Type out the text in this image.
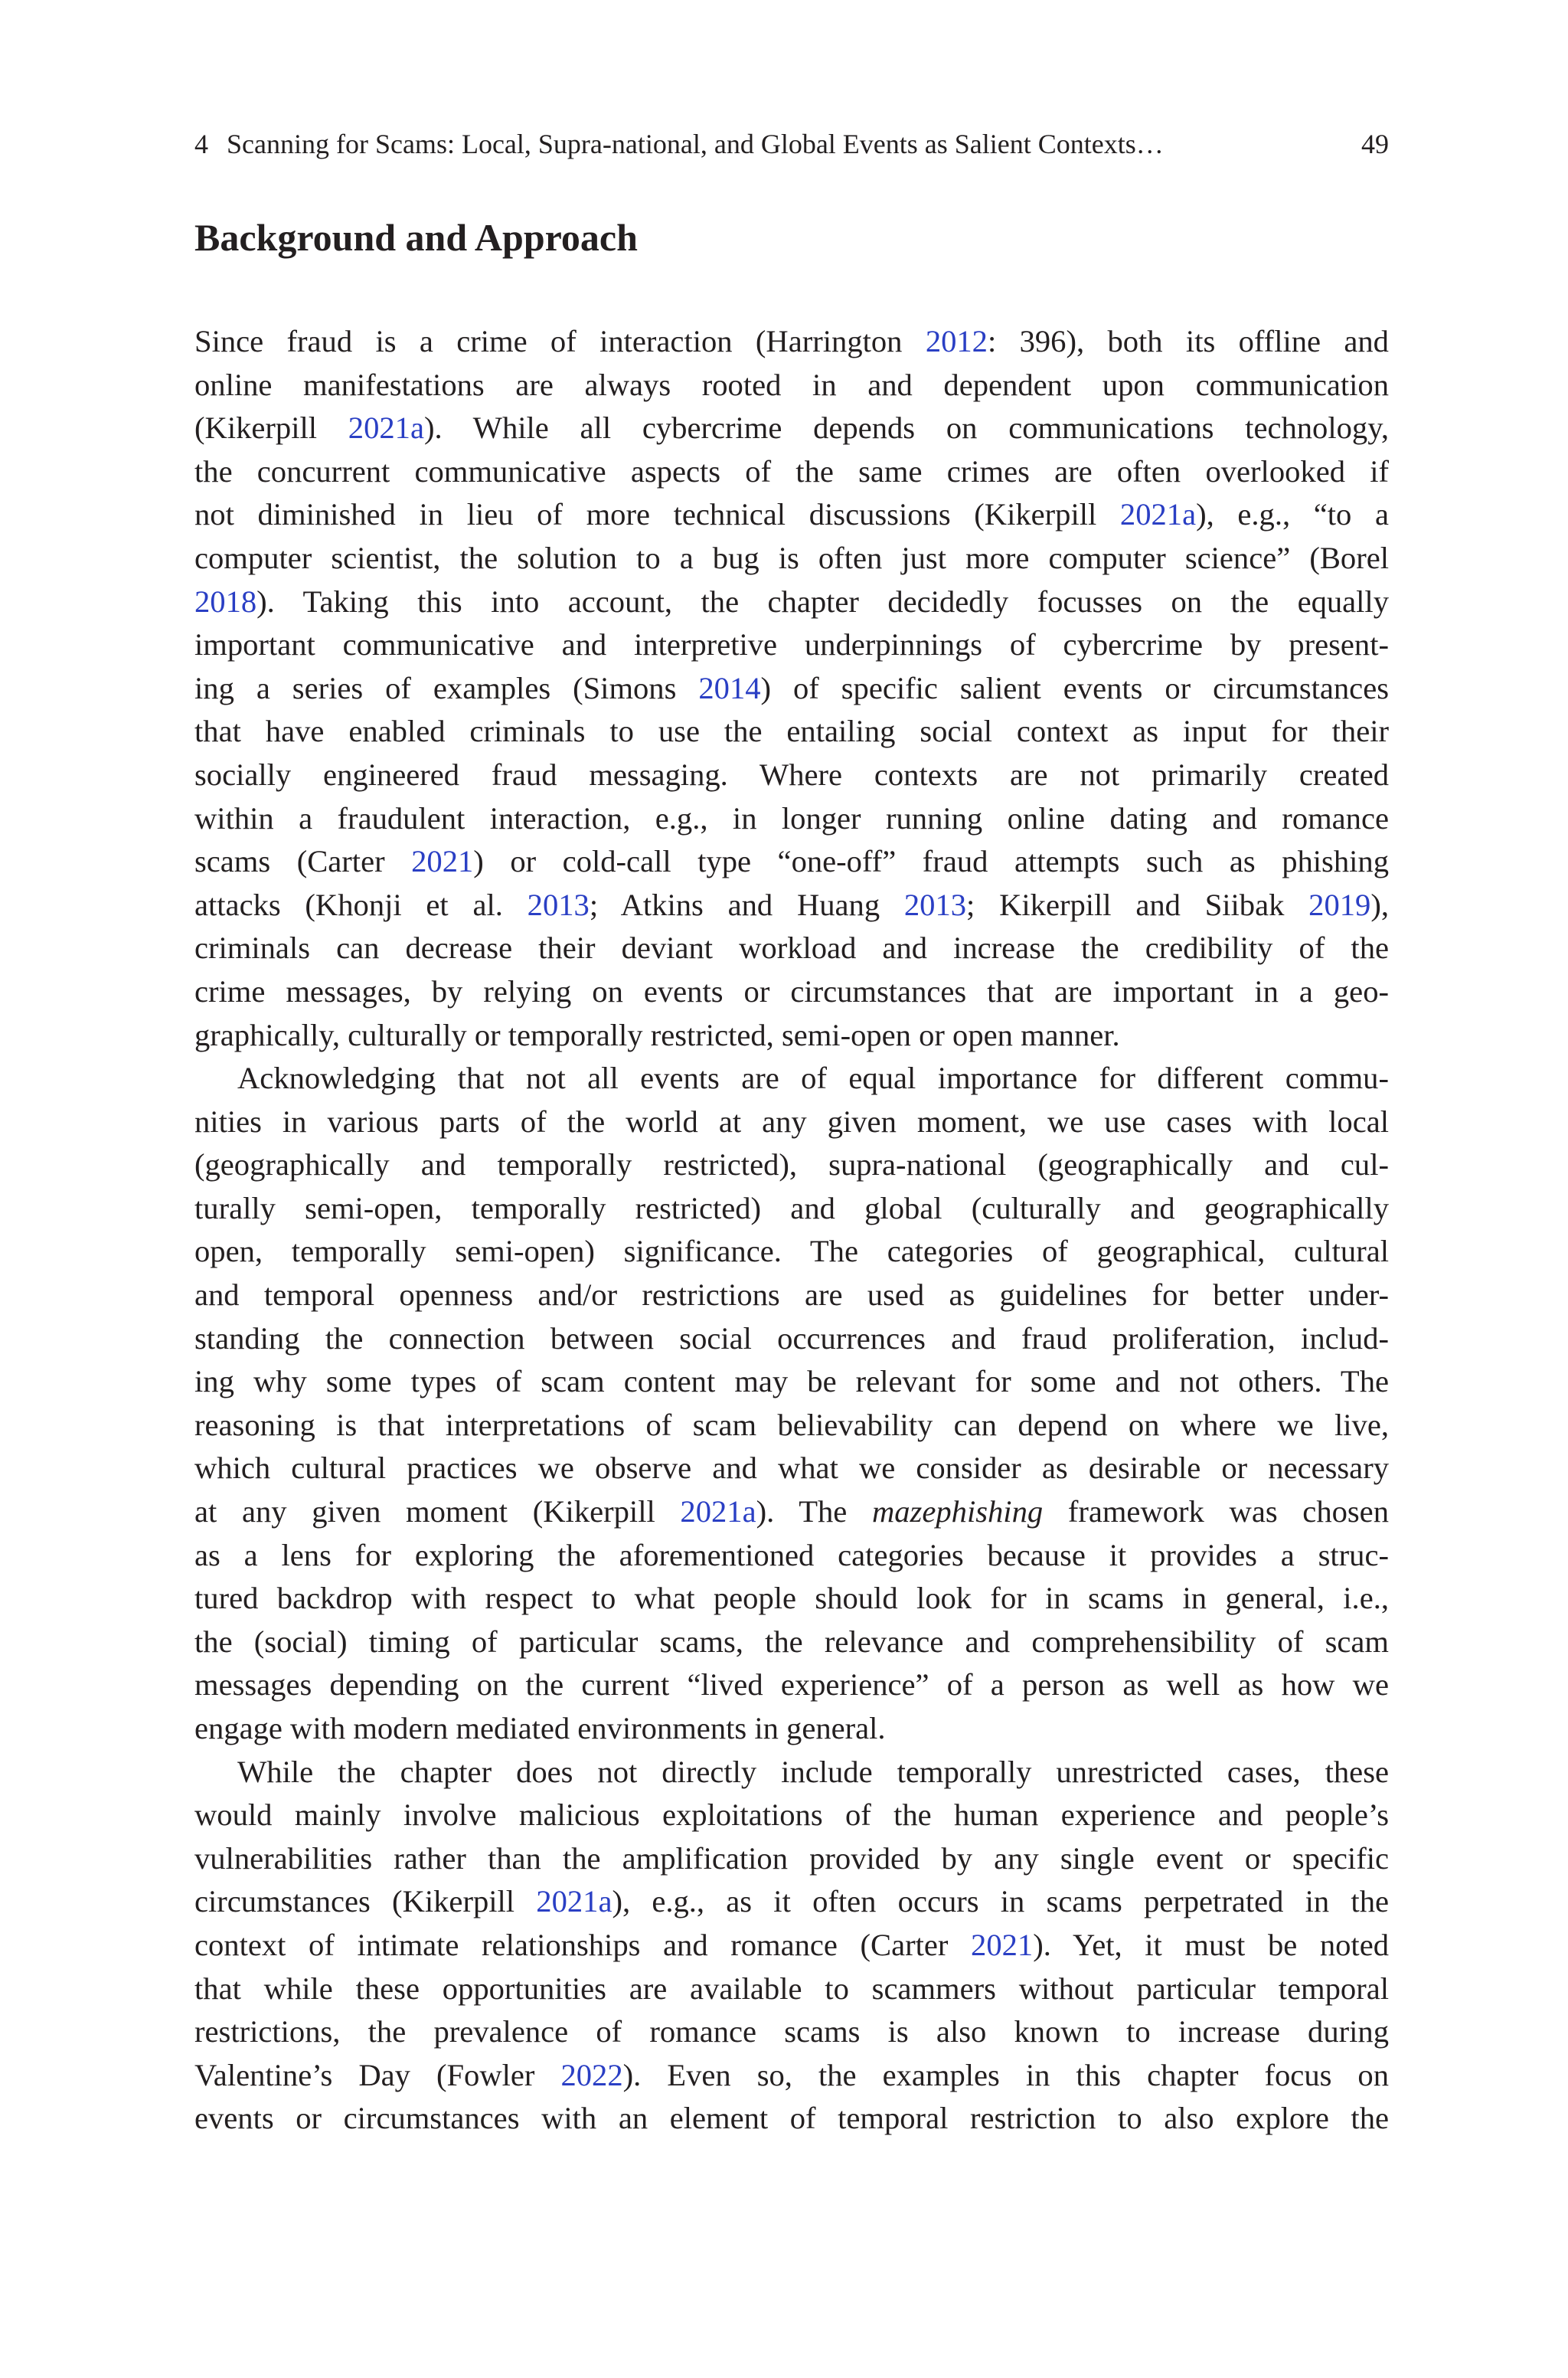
4 Scanning for Scams: Local, Supra-national, and Global Events as Salient Contexts…	49
Background and Approach
Since fraud is a crime of interaction (Harrington 2012: 396), both its offline and
online manifestations are always rooted in and dependent upon communication
(Kikerpill 2021a). While all cybercrime depends on communications technology,
the concurrent communicative aspects of the same crimes are often overlooked if
not diminished in lieu of more technical discussions (Kikerpill 2021a), e.g., “to a
computer scientist, the solution to a bug is often just more computer science” (Borel
2018). Taking this into account, the chapter decidedly focusses on the equally
important communicative and interpretive underpinnings of cybercrime by present-
ing a series of examples (Simons 2014) of specific salient events or circumstances
that have enabled criminals to use the entailing social context as input for their
socially engineered fraud messaging. Where contexts are not primarily created
within a fraudulent interaction, e.g., in longer running online dating and romance
scams (Carter 2021) or cold-call type “one-off” fraud attempts such as phishing
attacks (Khonji et al. 2013; Atkins and Huang 2013; Kikerpill and Siibak 2019),
criminals can decrease their deviant workload and increase the credibility of the
crime messages, by relying on events or circumstances that are important in a geo-
graphically, culturally or temporally restricted, semi-open or open manner.
Acknowledging that not all events are of equal importance for different commu-
nities in various parts of the world at any given moment, we use cases with local
(geographically and temporally restricted), supra-national (geographically and cul-
turally semi-open, temporally restricted) and global (culturally and geographically
open, temporally semi-open) significance. The categories of geographical, cultural
and temporal openness and/or restrictions are used as guidelines for better under-
standing the connection between social occurrences and fraud proliferation, includ-
ing why some types of scam content may be relevant for some and not others. The
reasoning is that interpretations of scam believability can depend on where we live,
which cultural practices we observe and what we consider as desirable or necessary
at any given moment (Kikerpill 2021a). The mazephishing framework was chosen
as a lens for exploring the aforementioned categories because it provides a struc-
tured backdrop with respect to what people should look for in scams in general, i.e.,
the (social) timing of particular scams, the relevance and comprehensibility of scam
messages depending on the current “lived experience” of a person as well as how we
engage with modern mediated environments in general.
While the chapter does not directly include temporally unrestricted cases, these
would mainly involve malicious exploitations of the human experience and people’s
vulnerabilities rather than the amplification provided by any single event or specific
circumstances (Kikerpill 2021a), e.g., as it often occurs in scams perpetrated in the
context of intimate relationships and romance (Carter 2021). Yet, it must be noted
that while these opportunities are available to scammers without particular temporal
restrictions, the prevalence of romance scams is also known to increase during
Valentine’s Day (Fowler 2022). Even so, the examples in this chapter focus on
events or circumstances with an element of temporal restriction to also explore the
